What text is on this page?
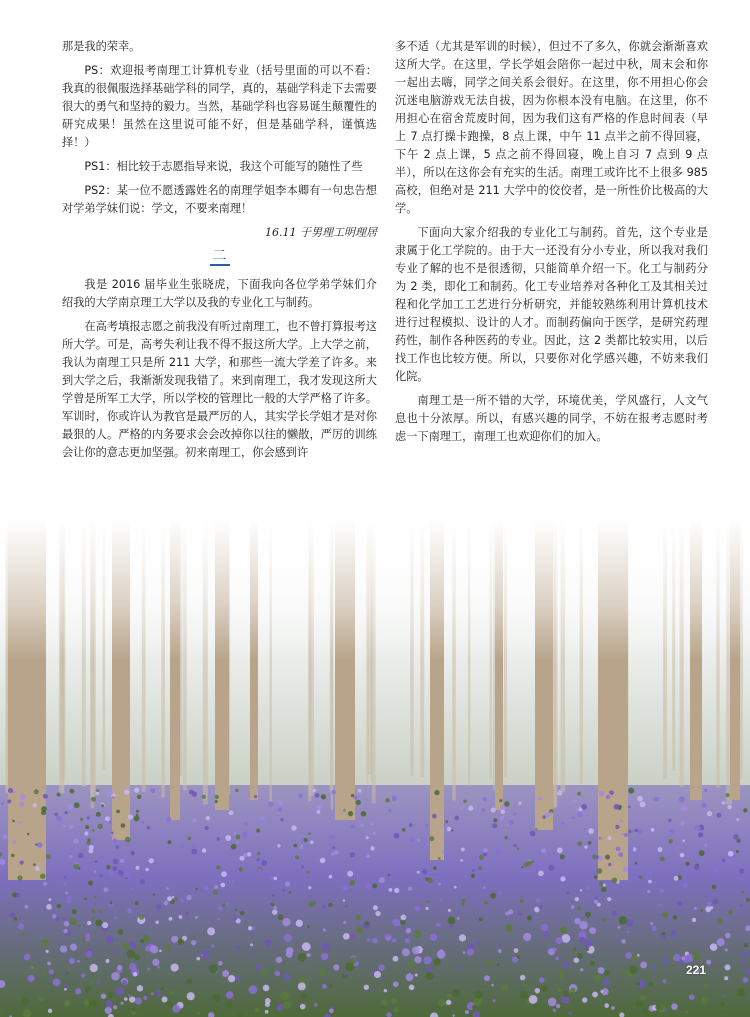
那是我的荣幸。

PS：欢迎报考南理工计算机专业（括号里面的可以不看：我真的很佩服选择基础学科的同学，真的，基础学科走下去需要很大的勇气和坚持的毅力。当然，基础学科也容易诞生颠覆性的研究成果！虽然在这里说可能不好，但是基础学科，谨慎选择！）

PS1：相比较于志愿指导来说，我这个可能写的随性了些

PS2：某一位不愿透露姓名的南理学姐李本卿有一句忠告想对学弟学妹们说：学文，不要来南理！

16.11 于男理工明理居
二

我是 2016 届毕业生张晓虎，下面我向各位学弟学妹们介绍我的大学南京理工大学以及我的专业化工与制药。

在高考填报志愿之前我没有听过南理工，也不曾打算报考这所大学。可是，高考失利让我不得不报这所大学。上大学之前，我认为南理工只是所 211 大学，和那些一流大学差了许多。来到大学之后，我渐渐发现我错了。来到南理工，我才发现这所大学曾是所军工大学，所以学校的管理比一般的大学严格了许多。军训时，你或许认为教官是最严厉的人，其实学长学姐才是对你最狠的人。严格的内务要求会会改掉你以往的懒散，严厉的训练会让你的意志更加坚强。初来南理工，你会感到许

多不适（尤其是军训的时候），但过不了多久，你就会渐渐喜欢这所大学。在这里，学长学姐会陪你一起过中秋，周末会和你一起出去嗨，同学之间关系会很好。在这里，你不用担心你会沉迷电脑游戏无法自拔，因为你根本没有电脑。在这里，你不用担心在宿舍荒废时间，因为我们这有严格的作息时间表（早上 7 点打操卡跑操，8 点上课，中午 11 点半之前不得回寝，下午 2 点上课，5 点之前不得回寝，晚上自习 7 点到 9 点半），所以在这你会有充实的生活。南理工或许比不上很多 985 高校，但绝对是 211 大学中的佼佼者，是一所性价比极高的大学。

下面向大家介绍我的专业化工与制药。首先，这个专业是隶属于化工学院的。由于大一还没有分小专业，所以我对我们专业了解的也不是很透彻，只能简单介绍一下。化工与制药分为 2 类，即化工和制药。化工专业培养对各种化工及其相关过程和化学加工工艺进行分析研究，并能较熟练利用计算机技术进行过程模拟、设计的人才。而制药偏向于医学，是研究药理药性，制作各种医药的专业。因此，这 2 类都比较实用，以后找工作也比较方便。所以，只要你对化学感兴趣，不妨来我们化院。

南理工是一所不错的大学，环境优美，学风盛行，人文气息也十分浓厚。所以，有感兴趣的同学，不妨在报考志愿时考虑一下南理工，南理工也欢迎你们的加入。

221
